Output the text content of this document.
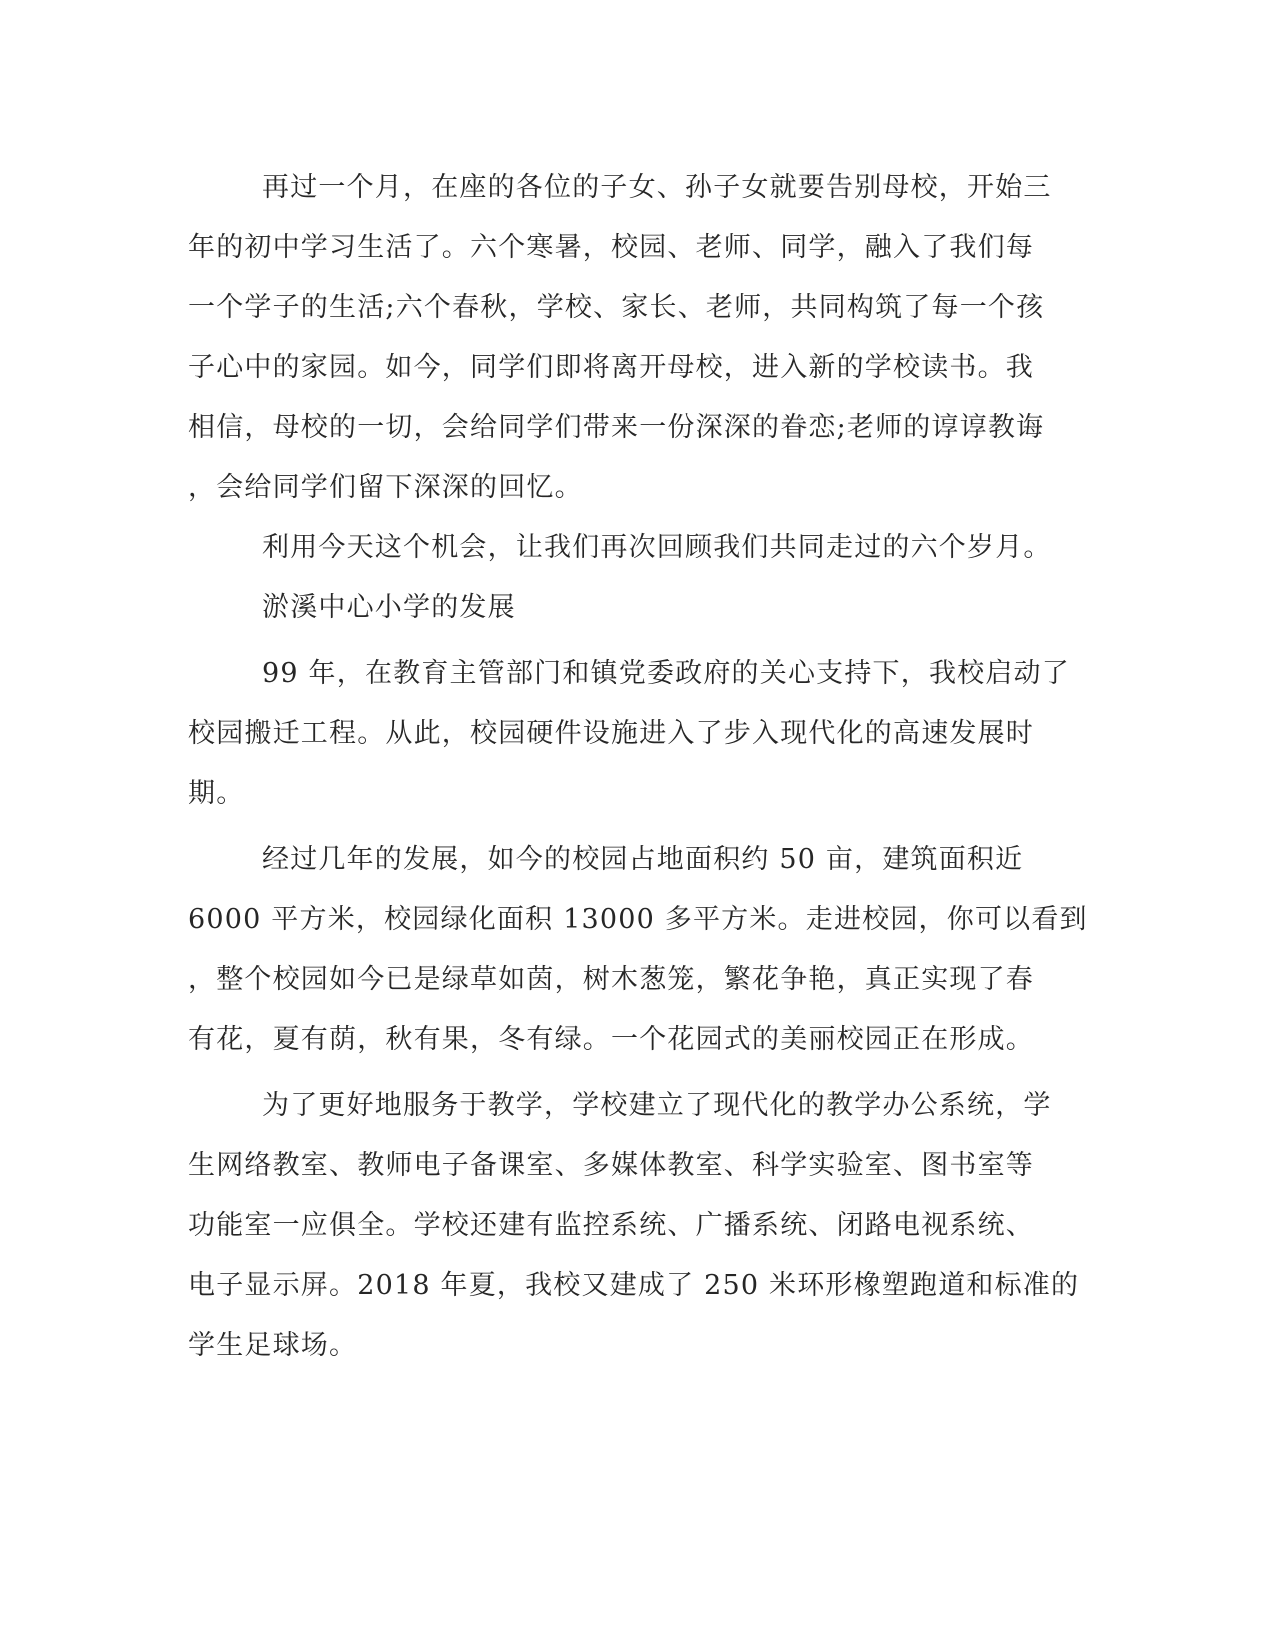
再过一个月，在座的各位的子女、孙子女就要告别母校，开始三
年的初中学习生活了。六个寒暑，校园、老师、同学，融入了我们每
一个学子的生活;六个春秋，学校、家长、老师，共同构筑了每一个孩
子心中的家园。如今，同学们即将离开母校，进入新的学校读书。我
相信，母校的一切，会给同学们带来一份深深的眷恋;老师的谆谆教诲
，会给同学们留下深深的回忆。
利用今天这个机会，让我们再次回顾我们共同走过的六个岁月。
淤溪中心小学的发展
99 年，在教育主管部门和镇党委政府的关心支持下，我校启动了
校园搬迁工程。从此，校园硬件设施进入了步入现代化的高速发展时
期。
经过几年的发展，如今的校园占地面积约 50 亩，建筑面积近
6000 平方米，校园绿化面积 13000 多平方米。走进校园，你可以看到
，整个校园如今已是绿草如茵，树木葱笼，繁花争艳，真正实现了春
有花，夏有荫，秋有果，冬有绿。一个花园式的美丽校园正在形成。
为了更好地服务于教学，学校建立了现代化的教学办公系统，学
生网络教室、教师电子备课室、多媒体教室、科学实验室、图书室等
功能室一应俱全。学校还建有监控系统、广播系统、闭路电视系统、
电子显示屏。2018 年夏，我校又建成了 250 米环形橡塑跑道和标准的
学生足球场。
